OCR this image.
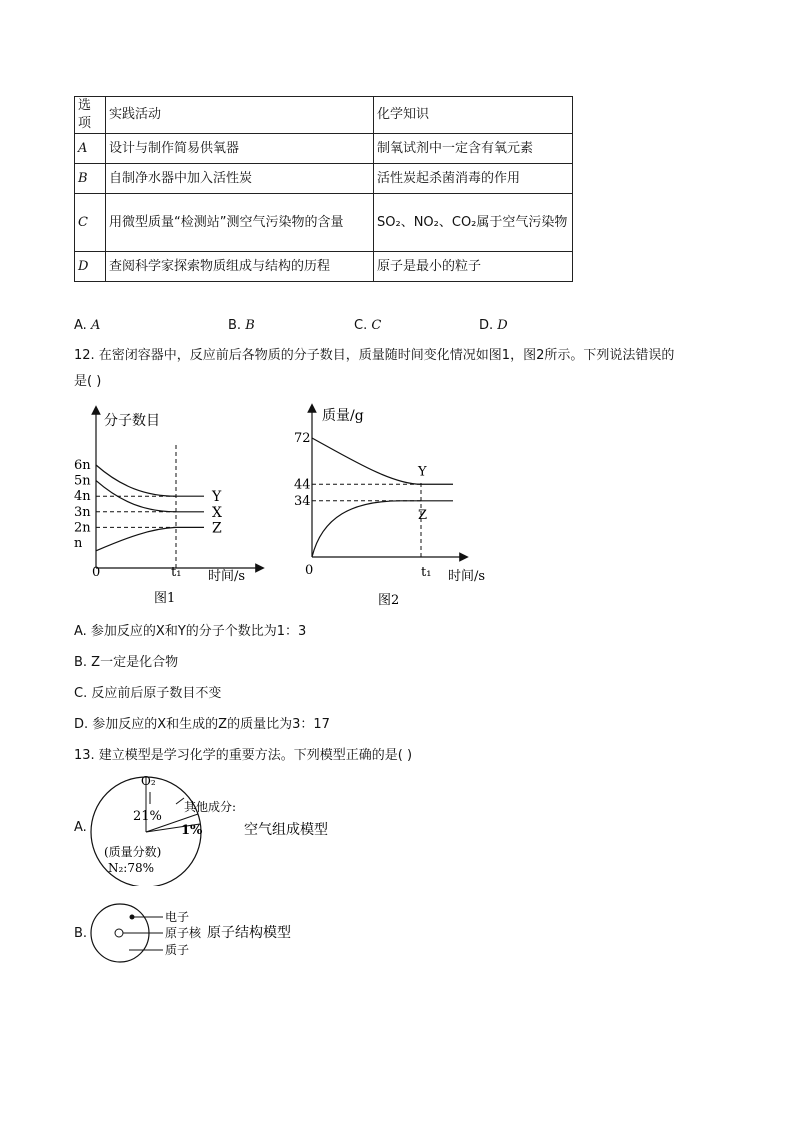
选项	实践活动	化学知识
A	设计与制作简易供氧器	制氧试剂中一定含有氧元素
B	自制净水器中加入活性炭	活性炭起杀菌消毒的作用
C	用微型质量“检测站”测空气污染物的含量	SO₂、NO₂、CO₂属于空气污染物
D	查阅科学家探索物质组成与结构的历程	原子是最小的粒子
A. A	B. B	C. C	D. D
12. 在密闭容器中，反应前后各物质的分子数目，质量随时间变化情况如图1，图2所示。下列说法错误的
是( )
分子数目
时间/s
图1
6n
5n
4n
3n
2n
n
0	t₁
Y
X
Z
质量/g
时间/s
图2
72
44
34
0	t₁
Y
Z
A. 参加反应的X和Y的分子个数比为1：3
B. Z一定是化合物
C. 反应前后原子数目不变
D. 参加反应的X和生成的Z的质量比为3：17
13. 建立模型是学习化学的重要方法。下列模型正确的是( )
A.
O₂
21%
其他成分:
1%
(质量分数)
N₂:78%
空气组成模型
B.
电子
原子核
质子
原子结构模型
